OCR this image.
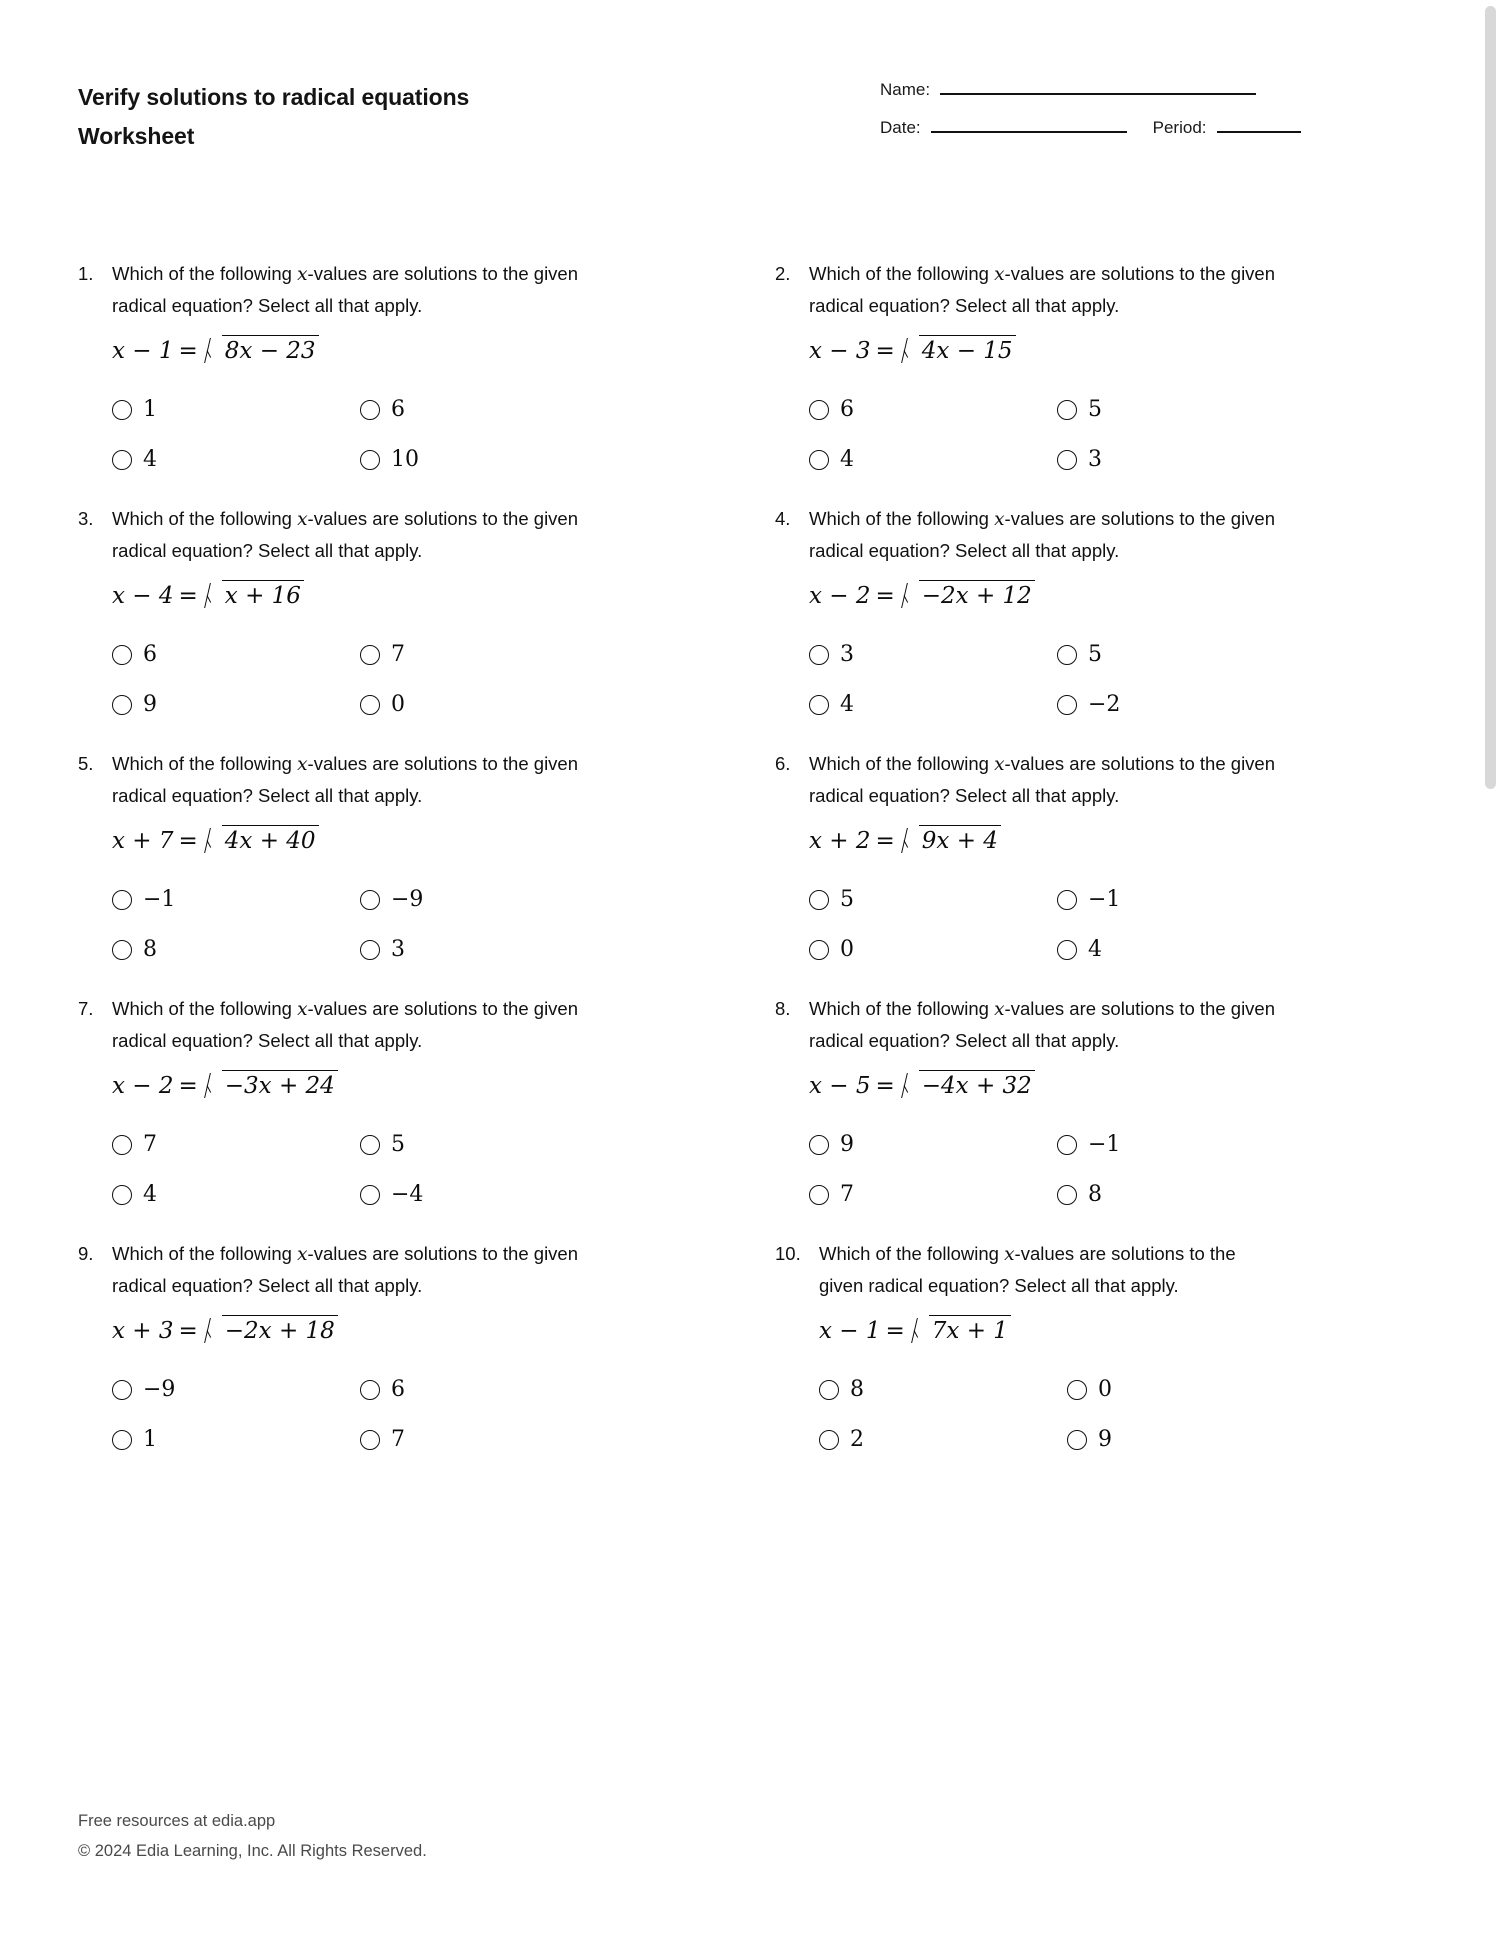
Verify solutions to radical equations
Worksheet
Name:
Date:	Period:
1.	Which of the following x-values are solutions to the given radical equation? Select all that apply.
x − 1 = 8x − 23
1	6
4	10
2.	Which of the following x-values are solutions to the given radical equation? Select all that apply.
x − 3 = 4x − 15
6	5
4	3
3.	Which of the following x-values are solutions to the given radical equation? Select all that apply.
x − 4 = x + 16
6	7
9	0
4.	Which of the following x-values are solutions to the given radical equation? Select all that apply.
x − 2 = −2x + 12
3	5
4	−2
5.	Which of the following x-values are solutions to the given radical equation? Select all that apply.
x + 7 = 4x + 40
−1	−9
8	3
6.	Which of the following x-values are solutions to the given radical equation? Select all that apply.
x + 2 = 9x + 4
5	−1
0	4
7.	Which of the following x-values are solutions to the given radical equation? Select all that apply.
x − 2 = −3x + 24
7	5
4	−4
8.	Which of the following x-values are solutions to the given radical equation? Select all that apply.
x − 5 = −4x + 32
9	−1
7	8
9.	Which of the following x-values are solutions to the given radical equation? Select all that apply.
x + 3 = −2x + 18
−9	6
1	7
10. Which of the following x-values are solutions to the given radical equation? Select all that apply.
x − 1 = 7x + 1
8	0
2	9
Free resources at edia.app
© 2024 Edia Learning, Inc. All Rights Reserved.
